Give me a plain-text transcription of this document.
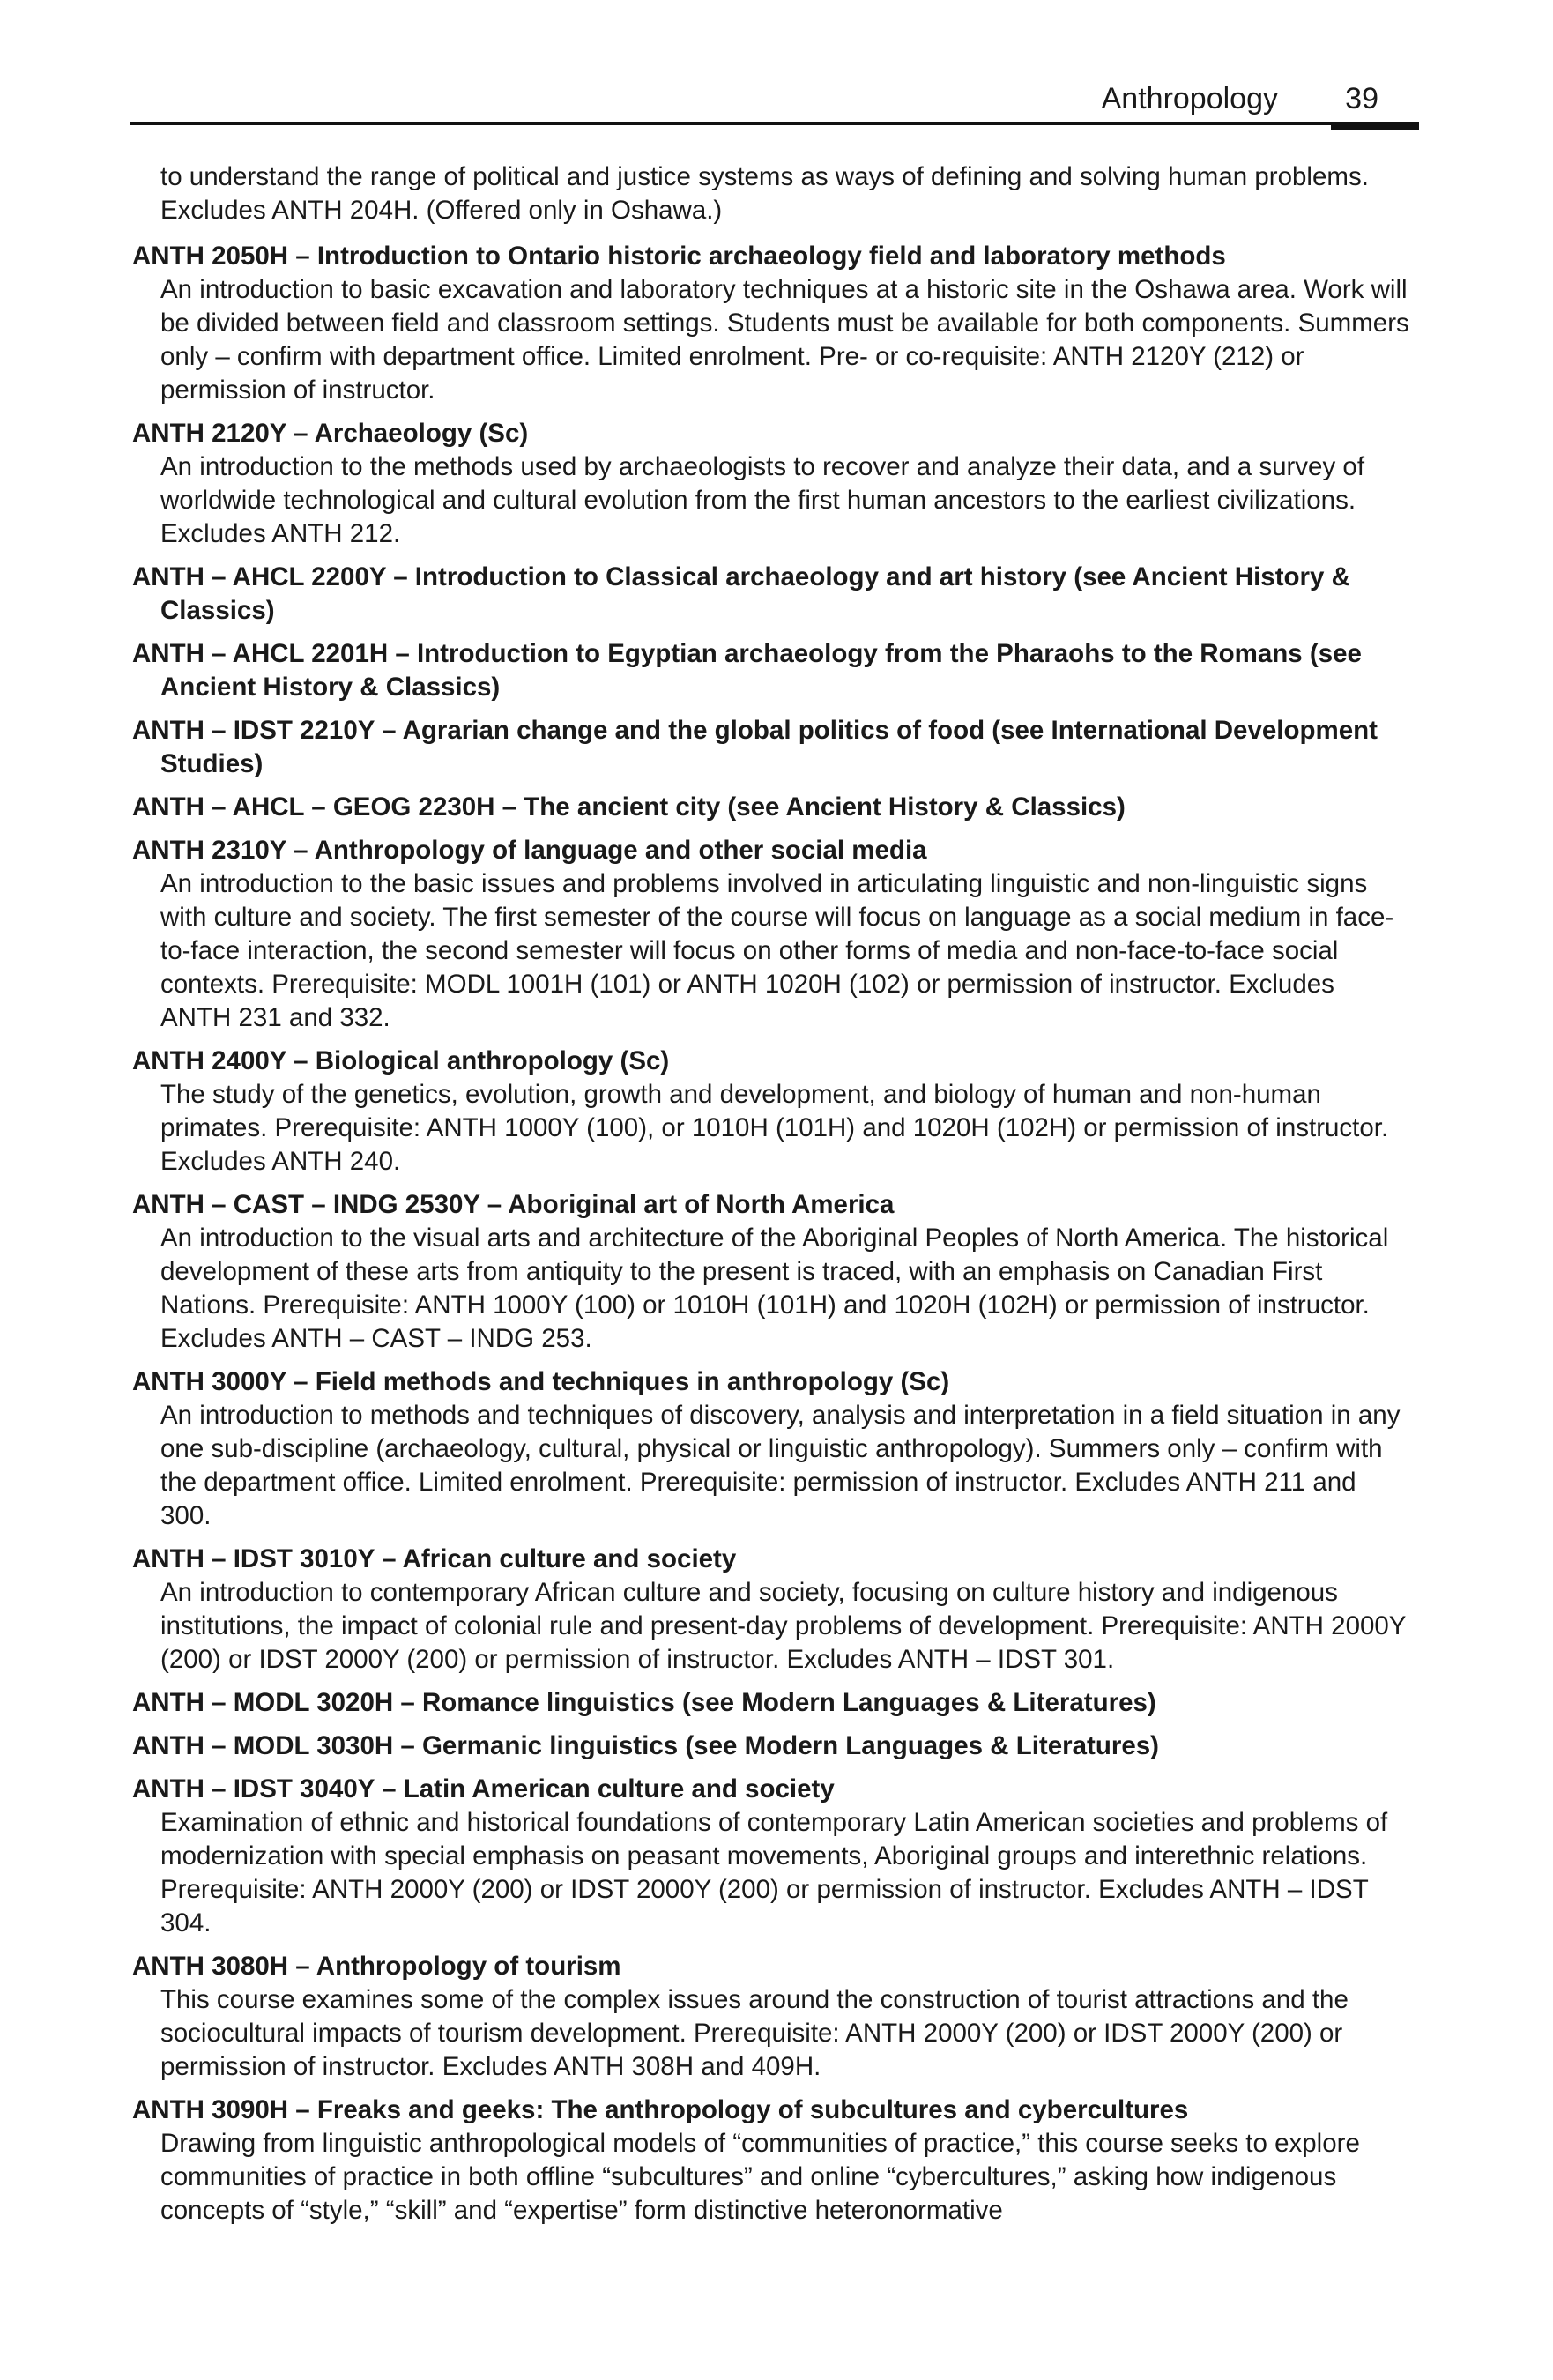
Anthropology 39

to understand the range of political and justice systems as ways of defining and solving human problems. Excludes ANTH 204H. (Offered only in Oshawa.)

ANTH 2050H – Introduction to Ontario historic archaeology field and laboratory methods

An introduction to basic excavation and laboratory techniques at a historic site in the Oshawa area. Work will be divided between field and classroom settings. Students must be available for both components. Summers only – confirm with department office. Limited enrolment. Pre- or co-requisite: ANTH 2120Y (212) or permission of instructor.

ANTH 2120Y – Archaeology (Sc)

An introduction to the methods used by archaeologists to recover and analyze their data, and a survey of worldwide technological and cultural evolution from the first human ancestors to the earliest civilizations. Excludes ANTH 212.

ANTH – AHCL 2200Y – Introduction to Classical archaeology and art history (see Ancient History & Classics)

ANTH – AHCL 2201H – Introduction to Egyptian archaeology from the Pharaohs to the Romans (see Ancient History & Classics)

ANTH – IDST 2210Y – Agrarian change and the global politics of food (see International Development Studies)

ANTH – AHCL – GEOG 2230H – The ancient city (see Ancient History & Classics)

ANTH 2310Y – Anthropology of language and other social media

An introduction to the basic issues and problems involved in articulating linguistic and non-linguistic signs with culture and society. The first semester of the course will focus on language as a social medium in face-to-face interaction, the second semester will focus on other forms of media and non-face-to-face social contexts. Prerequisite: MODL 1001H (101) or ANTH 1020H (102) or permission of instructor. Excludes ANTH 231 and 332.

ANTH 2400Y – Biological anthropology (Sc)

The study of the genetics, evolution, growth and development, and biology of human and non-human primates. Prerequisite: ANTH 1000Y (100), or 1010H (101H) and 1020H (102H) or permission of instructor. Excludes ANTH 240.

ANTH – CAST – INDG 2530Y – Aboriginal art of North America

An introduction to the visual arts and architecture of the Aboriginal Peoples of North America. The historical development of these arts from antiquity to the present is traced, with an emphasis on Canadian First Nations. Prerequisite: ANTH 1000Y (100) or 1010H (101H) and 1020H (102H) or permission of instructor. Excludes ANTH – CAST – INDG 253.

ANTH 3000Y – Field methods and techniques in anthropology (Sc)

An introduction to methods and techniques of discovery, analysis and interpretation in a field situation in any one sub-discipline (archaeology, cultural, physical or linguistic anthropology). Summers only – confirm with the department office. Limited enrolment. Prerequisite: permission of instructor. Excludes ANTH 211 and 300.

ANTH – IDST 3010Y – African culture and society

An introduction to contemporary African culture and society, focusing on culture history and indigenous institutions, the impact of colonial rule and present-day problems of development. Prerequisite: ANTH 2000Y (200) or IDST 2000Y (200) or permission of instructor. Excludes ANTH – IDST 301.

ANTH – MODL 3020H – Romance linguistics (see Modern Languages & Literatures)

ANTH – MODL 3030H – Germanic linguistics (see Modern Languages & Literatures)

ANTH – IDST 3040Y – Latin American culture and society

Examination of ethnic and historical foundations of contemporary Latin American societies and problems of modernization with special emphasis on peasant movements, Aboriginal groups and interethnic relations. Prerequisite: ANTH 2000Y (200) or IDST 2000Y (200) or permission of instructor. Excludes ANTH – IDST 304.

ANTH 3080H – Anthropology of tourism

This course examines some of the complex issues around the construction of tourist attractions and the sociocultural impacts of tourism development. Prerequisite: ANTH 2000Y (200) or IDST 2000Y (200) or permission of instructor. Excludes ANTH 308H and 409H.

ANTH 3090H – Freaks and geeks: The anthropology of subcultures and cybercultures

Drawing from linguistic anthropological models of “communities of practice,” this course seeks to explore communities of practice in both offline “subcultures” and online “cybercultures,” asking how indigenous concepts of “style,” “skill” and “expertise” form distinctive heteronormative
